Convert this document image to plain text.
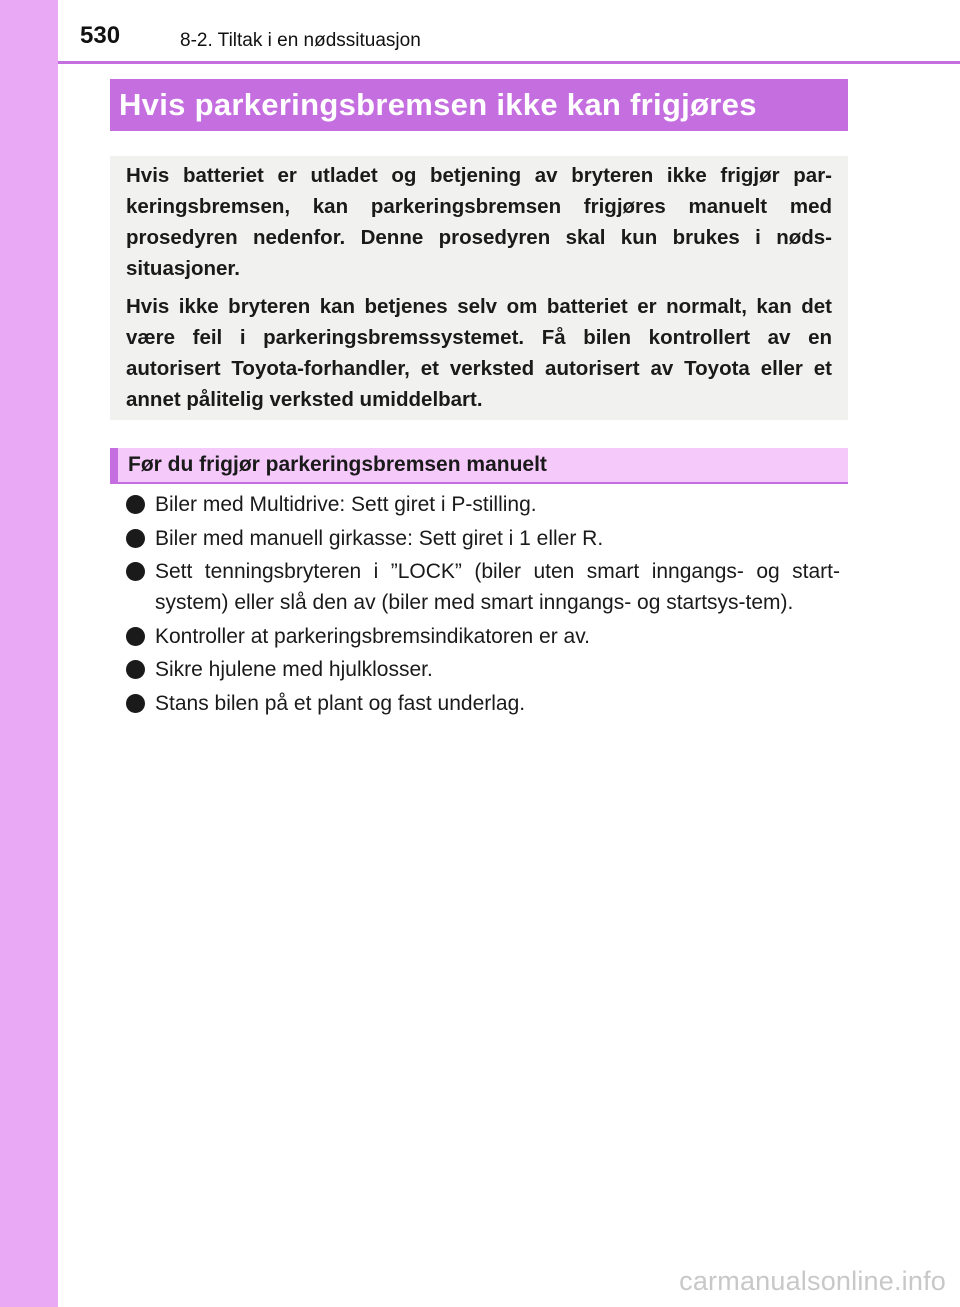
530	8-2. Tiltak i en nødssituasjon
Hvis parkeringsbremsen ikke kan frigjøres

Hvis batteriet er utladet og betjening av bryteren ikke frigjør par-keringsbremsen, kan parkeringsbremsen frigjøres manuelt med prosedyren nedenfor. Denne prosedyren skal kun brukes i nøds-situasjoner.

Hvis ikke bryteren kan betjenes selv om batteriet er normalt, kan det være feil i parkeringsbremssystemet. Få bilen kontrollert av en autorisert Toyota-forhandler, et verksted autorisert av Toyota eller et annet pålitelig verksted umiddelbart.

Før du frigjør parkeringsbremsen manuelt
Biler med Multidrive: Sett giret i P-stilling.
Biler med manuell girkasse: Sett giret i 1 eller R.
Sett tenningsbryteren i ”LOCK” (biler uten smart inngangs- og start-system) eller slå den av (biler med smart inngangs- og startsys-tem).
Kontroller at parkeringsbremsindikatoren er av.
Sikre hjulene med hjulklosser.
Stans bilen på et plant og fast underlag.
carmanualsonline.info
